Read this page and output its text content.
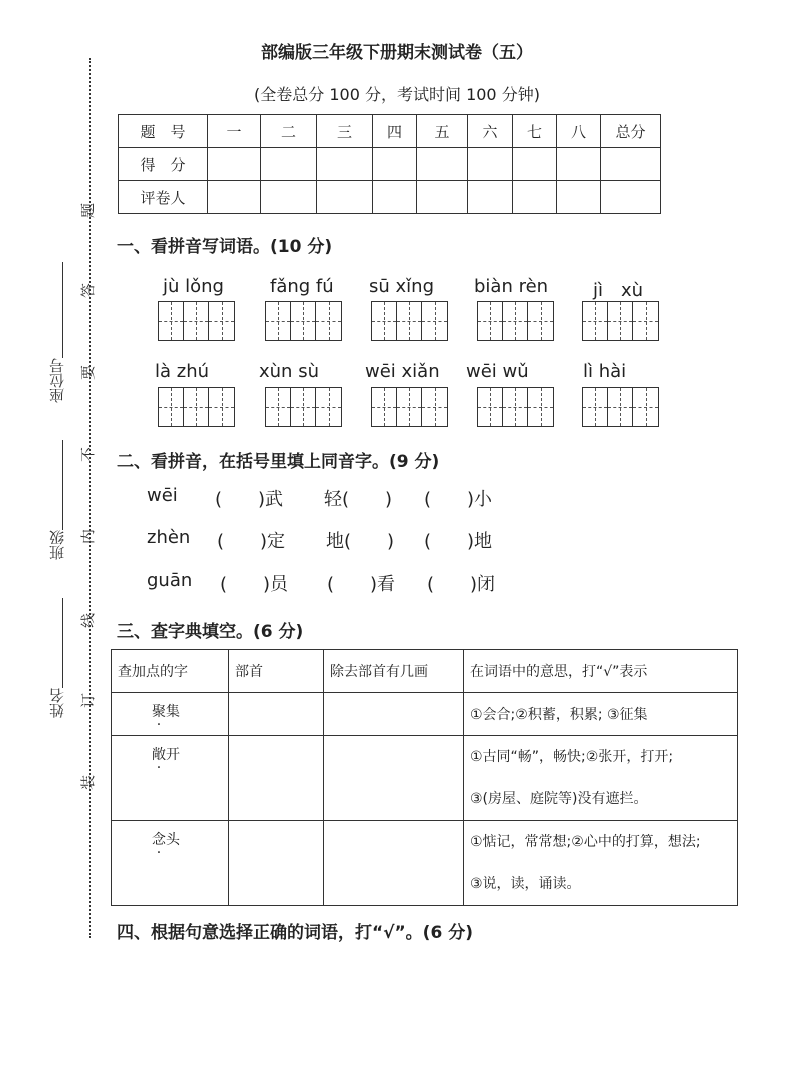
座位号
班级
姓名
题
答
要
不
内
线
订
装
部编版三年级下册期末测试卷（五）
(全卷总分 100 分，考试时间 100 分钟)
题　号	一	二	三	四	五	六	七	八	总分
得　分									
评卷人									
一、看拼音写词语。(10 分)
jù lǒng	fǎng fú sū xǐng biàn rèn jì　xù
là zhú	xùn sù	wēi xiǎn wēi wǔ	lì hài
二、看拼音，在括号里填上同音字。(9 分)
wēi (　　)武 轻(　　) (　　)小
zhèn (　　)定 地(　　) (　　)地
guān (　　)员 (　　)看 (　　)闭
三、查字典填空。(6 分)
查加点的字	部首	除去部首有几画	在词语中的意思，打“√”表示
聚集			①会合;②积蓄，积累; ③征集

敞开			①古同“畅”，畅快;②张开，打开;
③(房屋、庭院等)没有遮拦。

念头			①惦记，常常想;②心中的打算，想法;
③说，读，诵读。
四、根据句意选择正确的词语，打“√”。(6 分)
